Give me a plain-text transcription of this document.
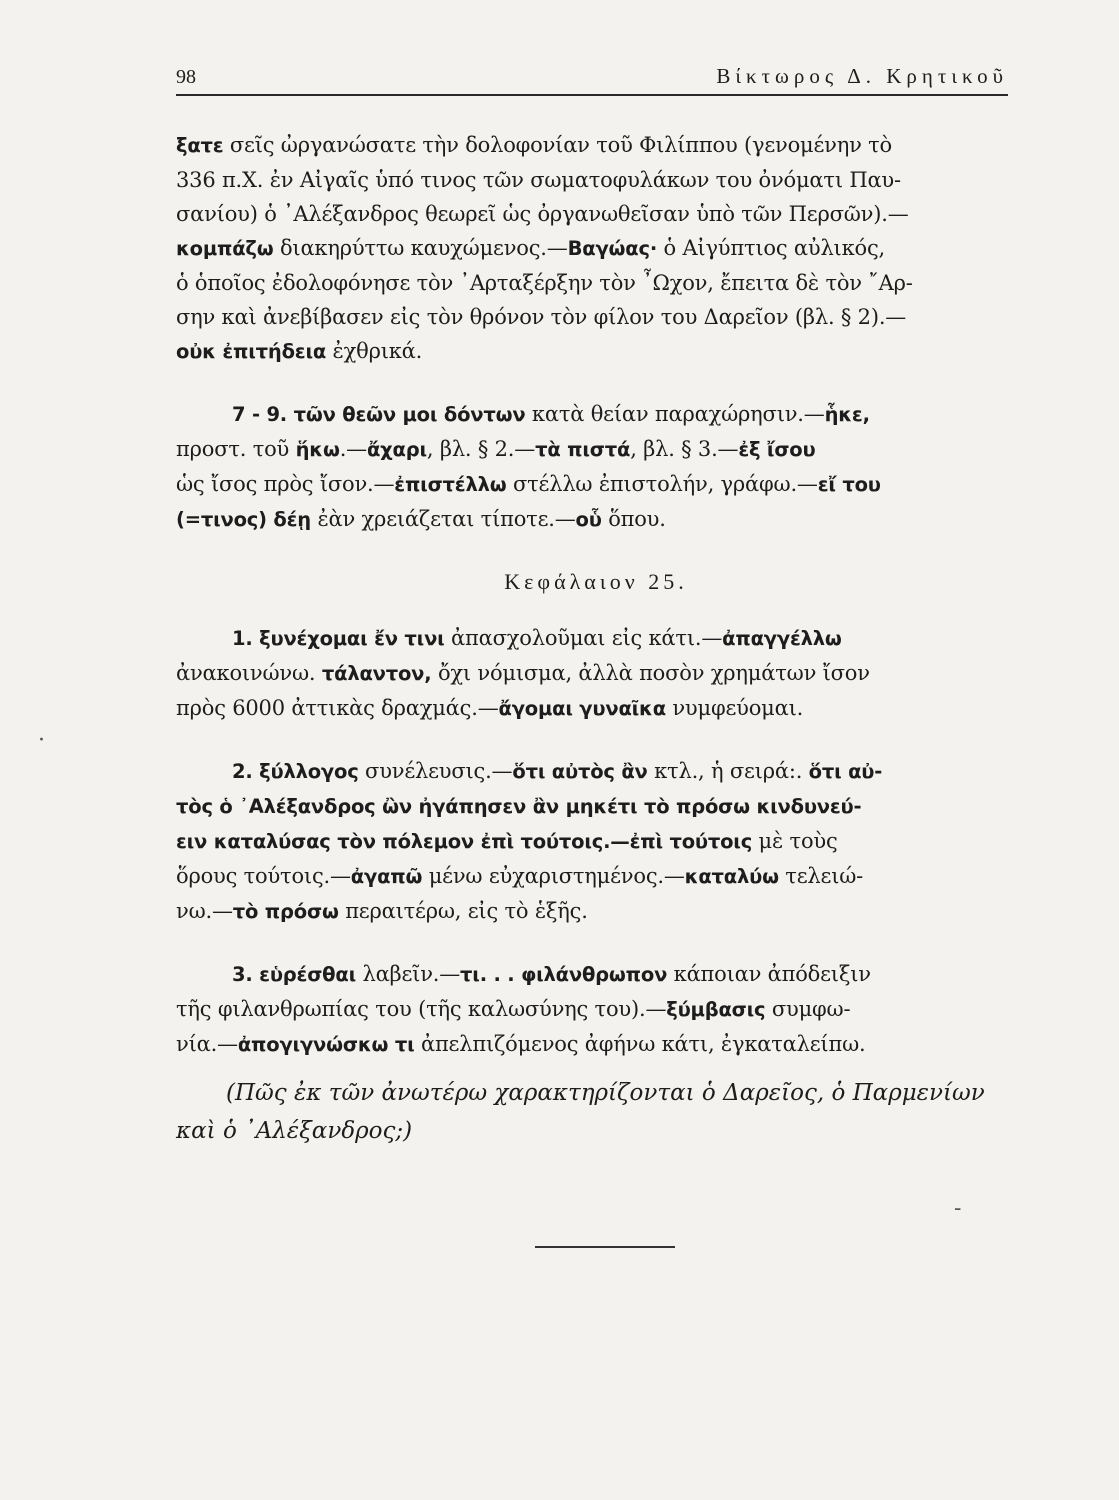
98	Βίκτωρος Δ. Κρητικοῦ
ξατε σεῖς ὠργανώσατε τὴν δολοφονίαν τοῦ Φιλίππου (γενομένην τὸ
336 π.Χ. ἐν Αἰγαῖς ὑπό τινος τῶν σωματοφυλάκων του ὀνόματι Παυ-
σανίου) ὁ ᾿Αλέξανδρος θεωρεῖ ὡς ὀργανωθεῖσαν ὑπὸ τῶν Περσῶν).—
κομπάζω διακηρύττω καυχώμενος.—Βαγώας· ὁ Αἰγύπτιος αὐλικός,
ὁ ὁποῖος ἐδολοφόνησε τὸν ᾿Αρταξέρξην τὸν ῏Ωχον, ἔπειτα δὲ τὸν ῎Αρ-
σην καὶ ἀνεβίβασεν εἰς τὸν θρόνον τὸν φίλον του Δαρεῖον (βλ. § 2).—
οὐκ ἐπιτήδεια ἐχθρικά.
7 - 9. τῶν θεῶν μοι δόντων κατὰ θείαν παραχώρησιν.—ἧκε,
προστ. τοῦ ἥκω.—ἄχαρι, βλ. § 2.—τὰ πιστά, βλ. § 3.—ἐξ ἴσου
ὡς ἴσος πρὸς ἴσον.—ἐπιστέλλω στέλλω ἐπιστολήν, γράφω.—εἴ του
(=τινος) δέῃ ἐὰν χρειάζεται τίποτε.—οὗ ὅπου.
Κεφάλαιον 25.
1. ξυνέχομαι ἔν τινι ἀπασχολοῦμαι εἰς κάτι.—ἀπαγγέλλω
ἀνακοινώνω. τάλαντον, ὄχι νόμισμα, ἀλλὰ ποσὸν χρημάτων ἴσον
πρὸς 6000 ἀττικὰς δραχμάς.—ἄγομαι γυναῖκα νυμφεύομαι.
2. ξύλλογος συνέλευσις.—ὅτι αὐτὸς ἂν κτλ., ἡ σειρά:. ὅτι αὐ-
τὸς ὁ ᾿Αλέξανδρος ὢν ἠγάπησεν ἂν μηκέτι τὸ πρόσω κινδυνεύ-
ειν καταλύσας τὸν πόλεμον ἐπὶ τούτοις.—ἐπὶ τούτοις μὲ τοὺς
ὅρους τούτοις.—ἀγαπῶ μένω εὐχαριστημένος.—καταλύω τελειώ-
νω.—τὸ πρόσω περαιτέρω, εἰς τὸ ἑξῆς.
3. εὑρέσθαι λαβεῖν.—τι. . . φιλάνθρωπον κάποιαν ἀπόδειξιν
τῆς φιλανθρωπίας του (τῆς καλωσύνης του).—ξύμβασις συμφω-
νία.—ἀπογιγνώσκω τι ἀπελπιζόμενος ἀφήνω κάτι, ἐγκαταλείπω.
(Πῶς ἐκ τῶν ἀνωτέρω χαρακτηρίζονται ὁ Δαρεῖος, ὁ Παρμενίων
καὶ ὁ ᾿Αλέξανδρος;)
·
-
